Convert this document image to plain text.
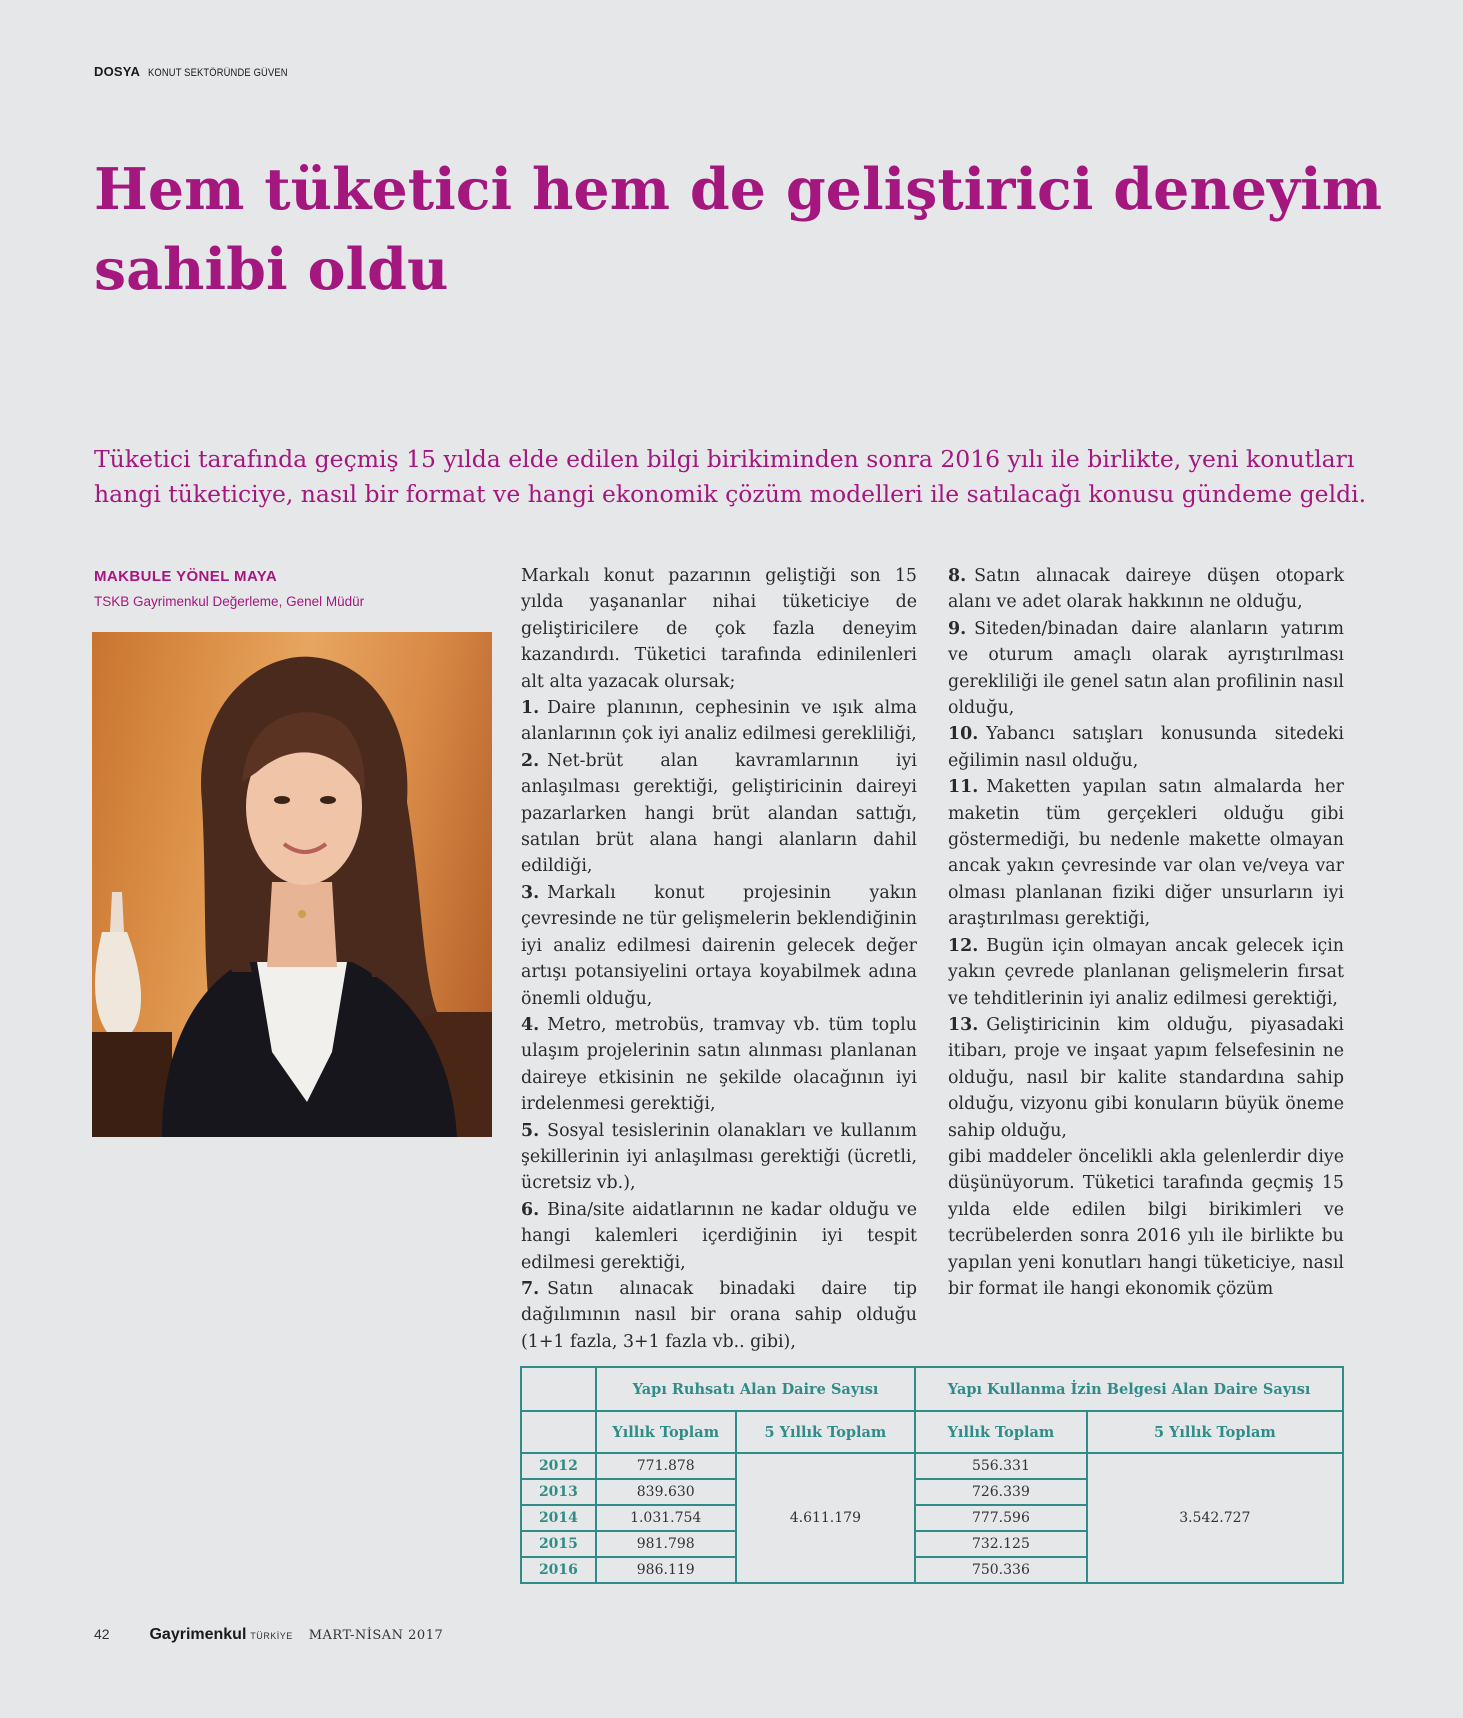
DOSYA KONUT SEKTÖRÜNDE GÜVEN
Hem tüketici hem de geliştirici deneyim sahibi oldu

Tüketici tarafında geçmiş 15 yılda elde edilen bilgi birikiminden sonra 2016 yılı ile birlikte, yeni konutları hangi tüketiciye, nasıl bir format ve hangi ekonomik çözüm modelleri ile satılacağı konusu gündeme geldi.

MAKBULE YÖNEL MAYA
TSKB Gayrimenkul Değerleme, Genel Müdür

Markalı konut pazarının geliştiği son 15 yılda yaşananlar nihai tüketiciye de geliştiricilere de çok fazla deneyim kazandırdı. Tüketici tarafında edinilenleri alt alta yazacak olursak;

1. Daire planının, cephesinin ve ışık alma alanlarının çok iyi analiz edilmesi gerekliliği,

2. Net-brüt alan kavramlarının iyi anlaşılması gerektiği, geliştiricinin daireyi pazarlarken hangi brüt alandan sattığı, satılan brüt alana hangi alanların dahil edildiği,

3. Markalı konut projesinin yakın çevresinde ne tür gelişmelerin beklendiğinin iyi analiz edilmesi dairenin gelecek değer artışı potansiyelini ortaya koyabilmek adına önemli olduğu,

4. Metro, metrobüs, tramvay vb. tüm toplu ulaşım projelerinin satın alınması planlanan daireye etkisinin ne şekilde olacağının iyi irdelenmesi gerektiği,

5. Sosyal tesislerinin olanakları ve kullanım şekillerinin iyi anlaşılması gerektiği (ücretli, ücretsiz vb.),

6. Bina/site aidatlarının ne kadar olduğu ve hangi kalemleri içerdiğinin iyi tespit edilmesi gerektiği,

7. Satın alınacak binadaki daire tip dağılımının nasıl bir orana sahip olduğu (1+1 fazla, 3+1 fazla vb.. gibi),

8. Satın alınacak daireye düşen otopark alanı ve adet olarak hakkının ne olduğu,

9. Siteden/binadan daire alanların yatırım ve oturum amaçlı olarak ayrıştırılması gerekliliği ile genel satın alan profilinin nasıl olduğu,

10. Yabancı satışları konusunda sitedeki eğilimin nasıl olduğu,

11. Maketten yapılan satın almalarda her maketin tüm gerçekleri olduğu gibi göstermediği, bu nedenle makette olmayan ancak yakın çevresinde var olan ve/veya var olması planlanan fiziki diğer unsurların iyi araştırılması gerektiği,

12. Bugün için olmayan ancak gelecek için yakın çevrede planlanan gelişmelerin fırsat ve tehditlerinin iyi analiz edilmesi gerektiği,

13. Geliştiricinin kim olduğu, piyasadaki itibarı, proje ve inşaat yapım felsefesinin ne olduğu, nasıl bir kalite standardına sahip olduğu, vizyonu gibi konuların büyük öneme sahip olduğu,

gibi maddeler öncelikli akla gelenlerdir diye düşünüyorum. Tüketici tarafında geçmiş 15 yılda elde edilen bilgi birikimleri ve tecrübelerden sonra 2016 yılı ile birlikte bu yapılan yeni konutları hangi tüketiciye, nasıl bir format ile hangi ekonomik çözüm

	Yapı Ruhsatı Alan Daire Sayısı		Yapı Kullanma İzin Belgesi Alan Daire Sayısı	
	Yıllık Toplam	5 Yıllık Toplam	Yıllık Toplam	5 Yıllık Toplam
2012	771.878	4.611.179	556.331	3.542.727
2013	839.630		726.339	
2014	1.031.754		777.596	
2015	981.798		732.125	
2016	986.119		750.336	
42 Gayrimenkul TÜRKİYE MART-NİSAN 2017
